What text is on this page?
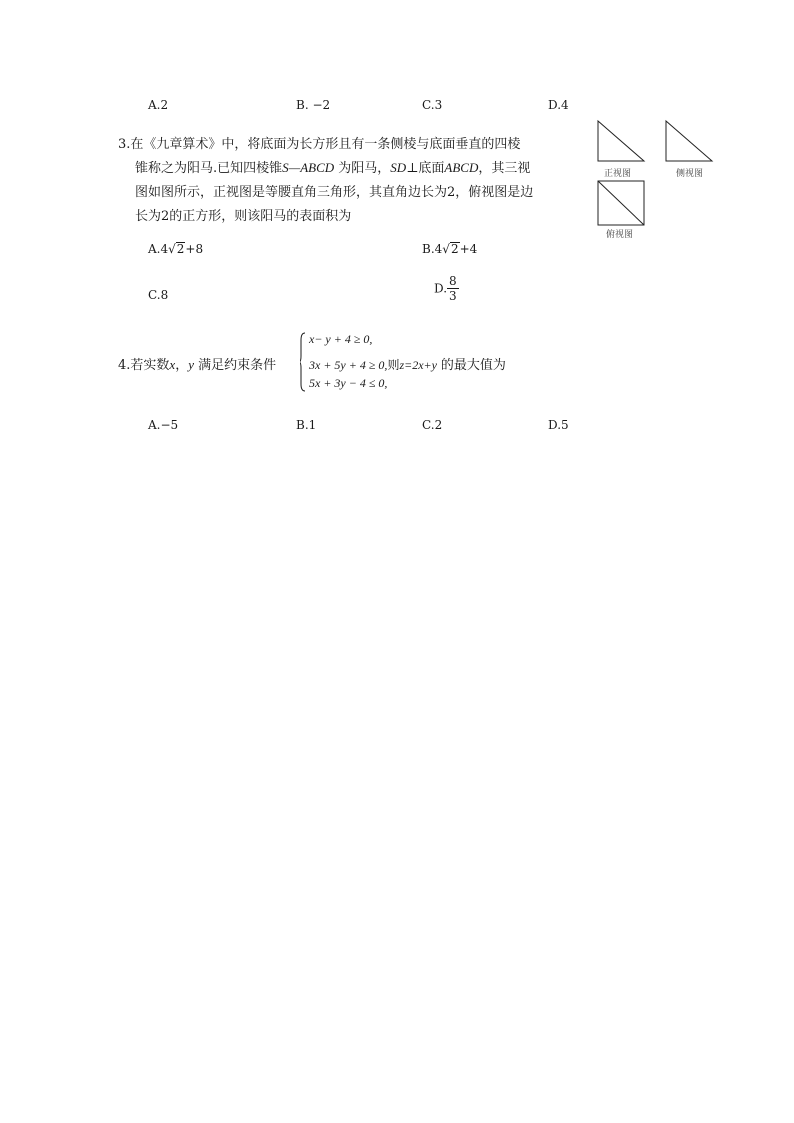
A.2	B. −2	C.3	D.4
3.在《九章算术》中，将底面为长方形且有一条侧棱与底面垂直的四棱
锥称之为阳马.已知四棱锥S—ABCD 为阳马，SD⊥底面ABCD，其三视
图如图所示，正视图是等腰直角三角形，其直角边长为2，俯视图是边
长为2的正方形，则该阳马的表面积为
正视图	侧视图
俯视图
A.4√2+8	B.4√2+4
C.8	D. $\frac{8}{3}$
4.若实数x，y 满足约束条件
x− y + 4 ≥ 0,
3x + 5y + 4 ≥ 0,则z=2x+y 的最大值为
5x + 3y − 4 ≤ 0,
A.−5	B.1	C.2	D.5
